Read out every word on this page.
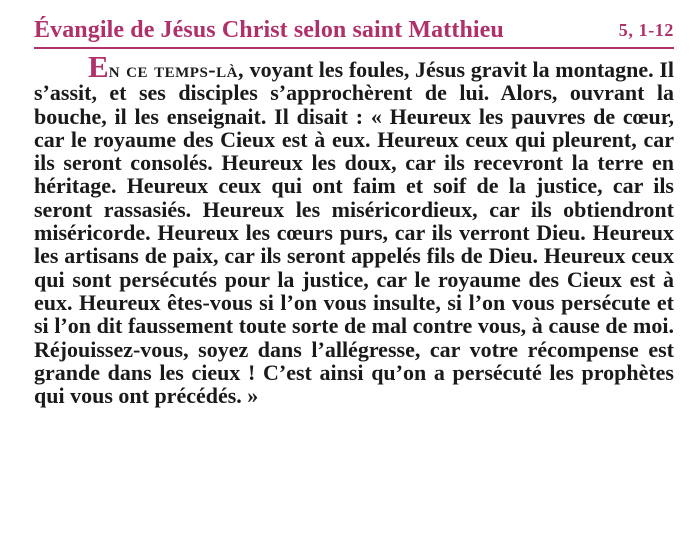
Évangile de Jésus Christ selon saint Matthieu	5, 1-12

En ce temps-là, voyant les foules, Jésus gravit la montagne. Il s’assit, et ses disciples s’approchèrent de lui. Alors, ouvrant la bouche, il les enseignait. Il disait : « Heureux les pauvres de cœur, car le royaume des Cieux est à eux. Heureux ceux qui pleurent, car ils seront consolés. Heureux les doux, car ils recevront la terre en héritage. Heureux ceux qui ont faim et soif de la justice, car ils seront rassasiés. Heureux les miséricordieux, car ils obtiendront miséricorde. Heureux les cœurs purs, car ils verront Dieu. Heureux les artisans de paix, car ils seront appelés fils de Dieu. Heureux ceux qui sont persécutés pour la justice, car le royaume des Cieux est à eux. Heureux êtes-vous si l’on vous insulte, si l’on vous persécute et si l’on dit faussement toute sorte de mal contre vous, à cause de moi. Réjouissez-vous, soyez dans l’allégresse, car votre récompense est grande dans les cieux ! C’est ainsi qu’on a persécuté les prophètes qui vous ont précédés. »
